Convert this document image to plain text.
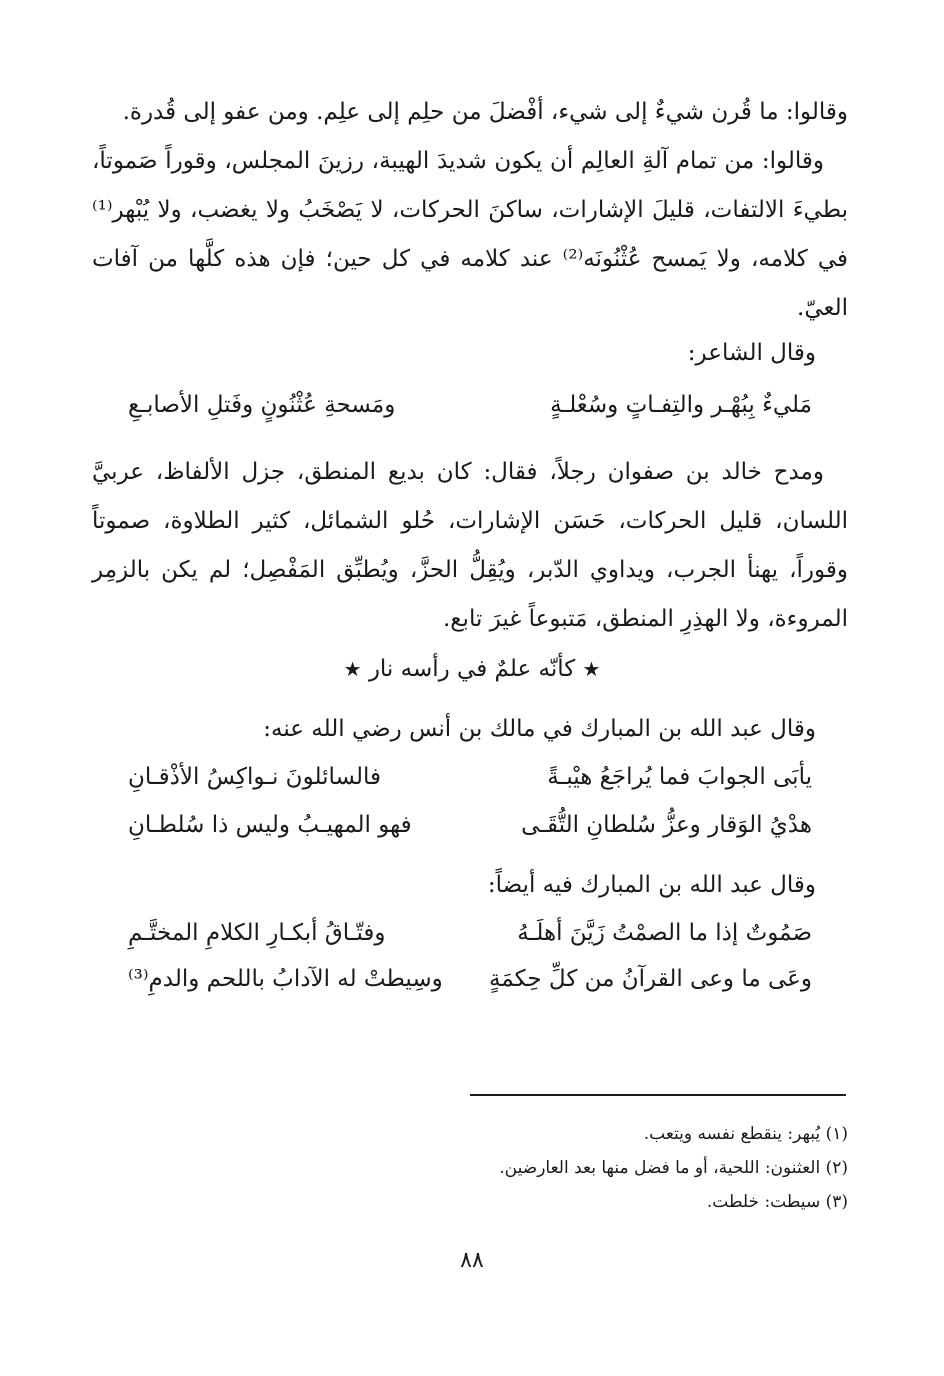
وقالوا: ما قُرن شيءٌ إلى شيء، أفْضلَ من حلِم إلى علِم. ومن عفو إلى قُدرة.

وقالوا: من تمام آلةِ العالِم أن يكون شديدَ الهيبة، رزينَ المجلس، وقوراً صَموتاً، بطيءَ الالتفات، قليلَ الإشارات، ساكنَ الحركات، لا يَصْخَبُ ولا يغضب، ولا يُبْهر⁽¹⁾ في كلامه، ولا يَمسح عُثْنُونَه⁽²⁾ عند كلامه في كل حين؛ فإن هذه كلَّها من آفات العيّ.

وقال الشاعر:

مَليءٌ بِبُهْـر والتِفـاتٍ وسُعْلـةٍ
ومَسحةِ عُثْنُونٍ وفَتلِ الأصابـعِ

ومدح خالد بن صفوان رجلاً، فقال: كان بديع المنطق، جزل الألفاظ، عربيَّ اللسان، قليل الحركات، حَسَن الإشارات، حُلو الشمائل، كثير الطلاوة، صموتاً وقوراً، يهنأ الجرب، ويداوي الدّبر، ويُقِلُّ الحزَّ، ويُطبِّق المَفْصِل؛ لم يكن بالزمِر المروءة، ولا الهذِرِ المنطق، مَتبوعاً غيرَ تابع.

★ كأنّه علمٌ في رأسه نار ★

وقال عبد الله بن المبارك في مالك بن أنس رضي الله عنه:

يأبَى الجوابَ فما يُراجَعُ هيْبـةً
فالسائلونَ نـواكِسُ الأذْقـانِ
هدْيُ الوَقار وعزُّ سُلطانِ التُّقَـى
فهو المهيـبُ وليس ذا سُلطـانِ

وقال عبد الله بن المبارك فيه أيضاً:

صَمُوتٌ إذا ما الصمْتُ زَيَّنَ أهلَـهُ
وفتّـاقُ أبكـارِ الكلامِ المختَّـمِ
وعَى ما وعى القرآنُ من كلِّ حِكمَةٍ
وسِيطتْ له الآدابُ باللحم والدمِ⁽³⁾
(١) يُبهر: ينقطع نفسه ويتعب.
(٢) العثنون: اللحية، أو ما فضل منها بعد العارضين.
(٣) سيطت: خلطت.
٨٨
